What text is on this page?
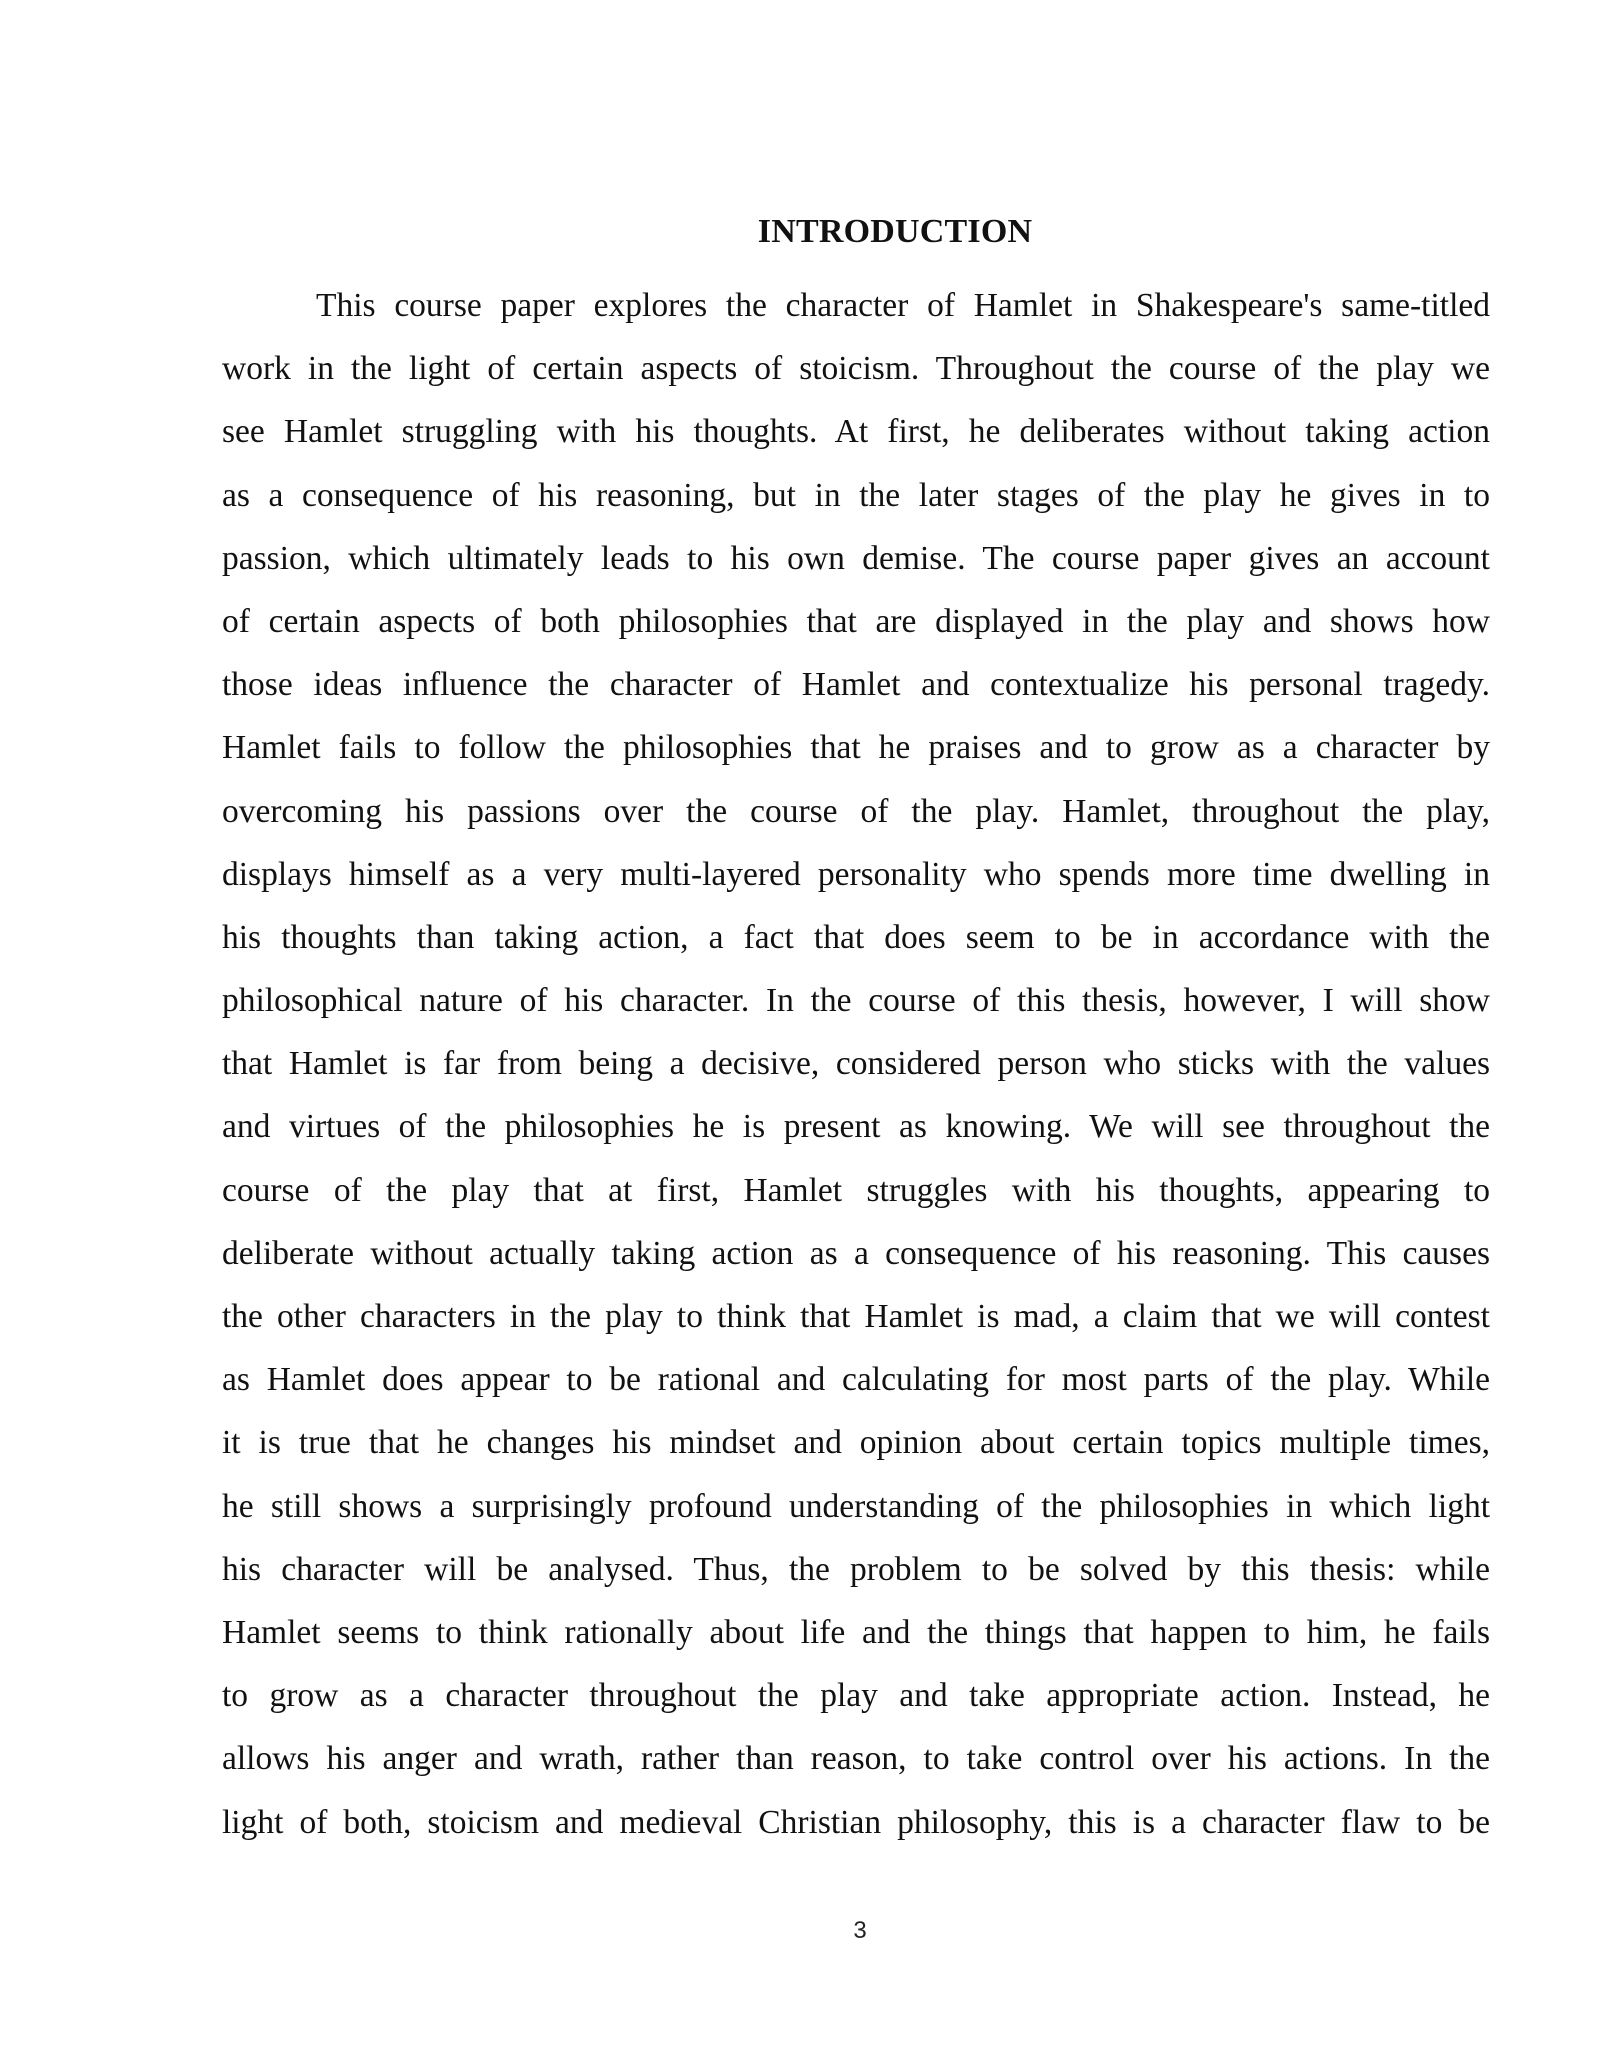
INTRODUCTION
This course paper explores the character of Hamlet in Shakespeare's same-titled
work in the light of certain aspects of stoicism. Throughout the course of the play we
see Hamlet struggling with his thoughts. At first, he deliberates without taking action
as a consequence of his reasoning, but in the later stages of the play he gives in to
passion, which ultimately leads to his own demise. The course paper gives an account
of certain aspects of both philosophies that are displayed in the play and shows how
those ideas influence the character of Hamlet and contextualize his personal tragedy.
Hamlet fails to follow the philosophies that he praises and to grow as a character by
overcoming his passions over the course of the play. Hamlet, throughout the play,
displays himself as a very multi-layered personality who spends more time dwelling in
his thoughts than taking action, a fact that does seem to be in accordance with the
philosophical nature of his character. In the course of this thesis, however, I will show
that Hamlet is far from being a decisive, considered person who sticks with the values
and virtues of the philosophies he is present as knowing. We will see throughout the
course of the play that at first, Hamlet struggles with his thoughts, appearing to
deliberate without actually taking action as a consequence of his reasoning. This causes
the other characters in the play to think that Hamlet is mad, a claim that we will contest
as Hamlet does appear to be rational and calculating for most parts of the play. While
it is true that he changes his mindset and opinion about certain topics multiple times,
he still shows a surprisingly profound understanding of the philosophies in which light
his character will be analysed. Thus, the problem to be solved by this thesis: while
Hamlet seems to think rationally about life and the things that happen to him, he fails
to grow as a character throughout the play and take appropriate action. Instead, he
allows his anger and wrath, rather than reason, to take control over his actions. In the
light of both, stoicism and medieval Christian philosophy, this is a character flaw to be
3
